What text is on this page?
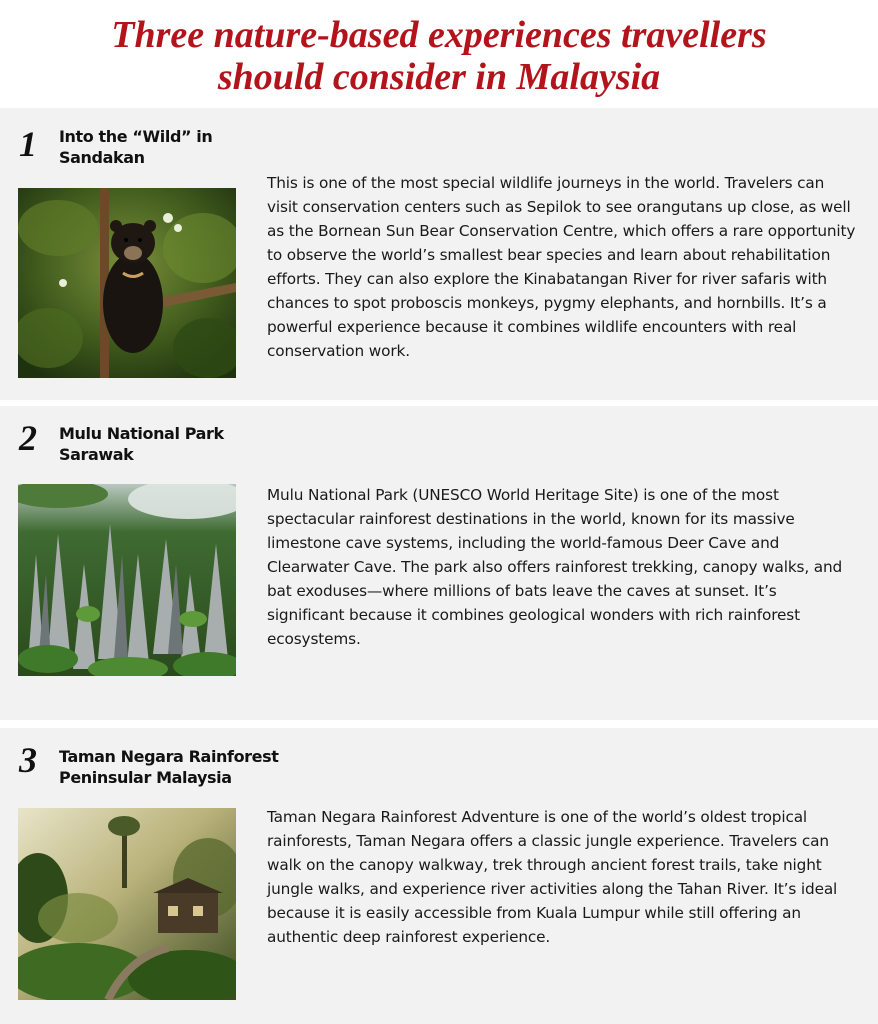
Three nature-based experiences travellers
should consider in Malaysia
1 Into the “Wild” in
Sandakan
This is one of the most special wildlife journeys in the world. Travelers can visit conservation centers such as Sepilok to see orangutans up close, as well as the Bornean Sun Bear Conservation Centre, which offers a rare opportunity to observe the world’s smallest bear species and learn about rehabilitation efforts. They can also explore the Kinabatangan River for river safaris with chances to spot proboscis monkeys, pygmy elephants, and hornbills. It’s a powerful experience because it combines wildlife encounters with real conservation work.
2 Mulu National Park
Sarawak
Mulu National Park (UNESCO World Heritage Site) is one of the most spectacular rainforest destinations in the world, known for its massive limestone cave systems, including the world-famous Deer Cave and Clearwater Cave. The park also offers rainforest trekking, canopy walks, and bat exoduses—where millions of bats leave the caves at sunset. It’s significant because it combines geological wonders with rich rainforest ecosystems.
3 Taman Negara Rainforest
Peninsular Malaysia
Taman Negara Rainforest Adventure is one of the world’s oldest tropical rainforests, Taman Negara offers a classic jungle experience. Travelers can walk on the canopy walkway, trek through ancient forest trails, take night jungle walks, and experience river activities along the Tahan River. It’s ideal because it is easily accessible from Kuala Lumpur while still offering an authentic deep rainforest experience.
